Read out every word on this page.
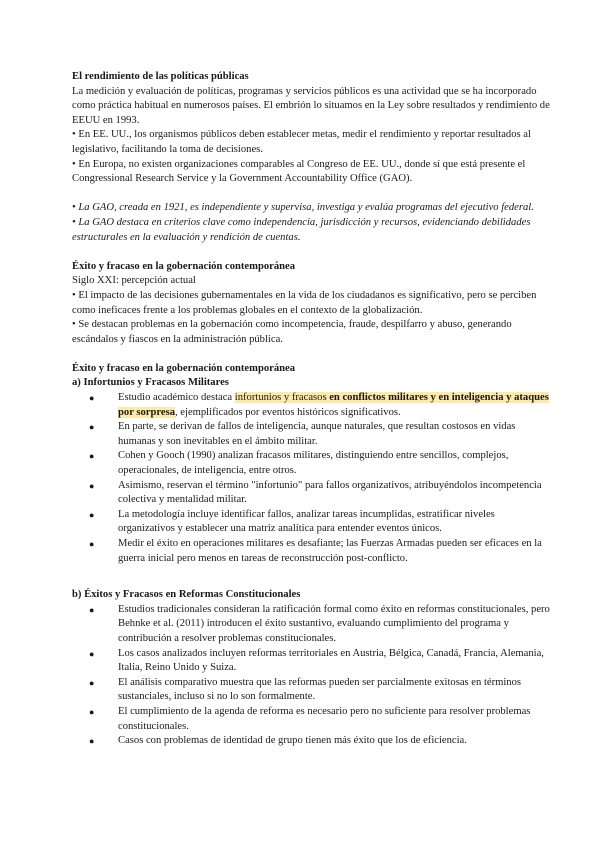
El rendimiento de las políticas públicas

La medición y evaluación de políticas, programas y servicios públicos es una actividad que se ha incorporado como práctica habitual en numerosos países. El embrión lo situamos en la Ley sobre resultados y rendimiento de EEUU en 1993.

• En EE. UU., los organismos públicos deben establecer metas, medir el rendimiento y reportar resultados al legislativo, facilitando la toma de decisiones.

• En Europa, no existen organizaciones comparables al Congreso de EE. UU., donde sí que está presente el Congressional Research Service y la Government Accountability Office (GAO).

• La GAO, creada en 1921, es independiente y supervisa, investiga y evalúa programas del ejecutivo federal.

• La GAO destaca en criterios clave como independencia, jurisdicción y recursos, evidenciando debilidades estructurales en la evaluación y rendición de cuentas.

Éxito y fracaso en la gobernación contemporánea

Siglo XXI: percepción actual

• El impacto de las decisiones gubernamentales en la vida de los ciudadanos es significativo, pero se perciben como ineficaces frente a los problemas globales en el contexto de la globalización.

• Se destacan problemas en la gobernación como incompetencia, fraude, despilfarro y abuso, generando escándalos y fiascos en la administración pública.

Éxito y fracaso en la gobernación contemporánea

a) Infortunios y Fracasos Militares

● Estudio académico destaca infortunios y fracasos en conflictos militares y en inteligencia y ataques por sorpresa, ejemplificados por eventos históricos significativos.
● En parte, se derivan de fallos de inteligencia, aunque naturales, que resultan costosos en vidas humanas y son inevitables en el ámbito militar.
● Cohen y Gooch (1990) analizan fracasos militares, distinguiendo entre sencillos, complejos, operacionales, de inteligencia, entre otros.
● Asimismo, reservan el término "infortunio" para fallos organizativos, atribuyéndolos incompetencia colectiva y mentalidad militar.
● La metodología incluye identificar fallos, analizar tareas incumplidas, estratificar niveles organizativos y establecer una matriz analítica para entender eventos únicos.
● Medir el éxito en operaciones militares es desafiante; las Fuerzas Armadas pueden ser eficaces en la guerra inicial pero menos en tareas de reconstrucción post-conflicto.

b) Éxitos y Fracasos en Reformas Constitucionales

● Estudios tradicionales consideran la ratificación formal como éxito en reformas constitucionales, pero Behnke et al. (2011) introducen el éxito sustantivo, evaluando cumplimiento del programa y contribución a resolver problemas constitucionales.
● Los casos analizados incluyen reformas territoriales en Austria, Bélgica, Canadá, Francia, Alemania, Italia, Reino Unido y Suiza.
● El análisis comparativo muestra que las reformas pueden ser parcialmente exitosas en términos sustanciales, incluso si no lo son formalmente.
● El cumplimiento de la agenda de reforma es necesario pero no suficiente para resolver problemas constitucionales.
● Casos con problemas de identidad de grupo tienen más éxito que los de eficiencia.
